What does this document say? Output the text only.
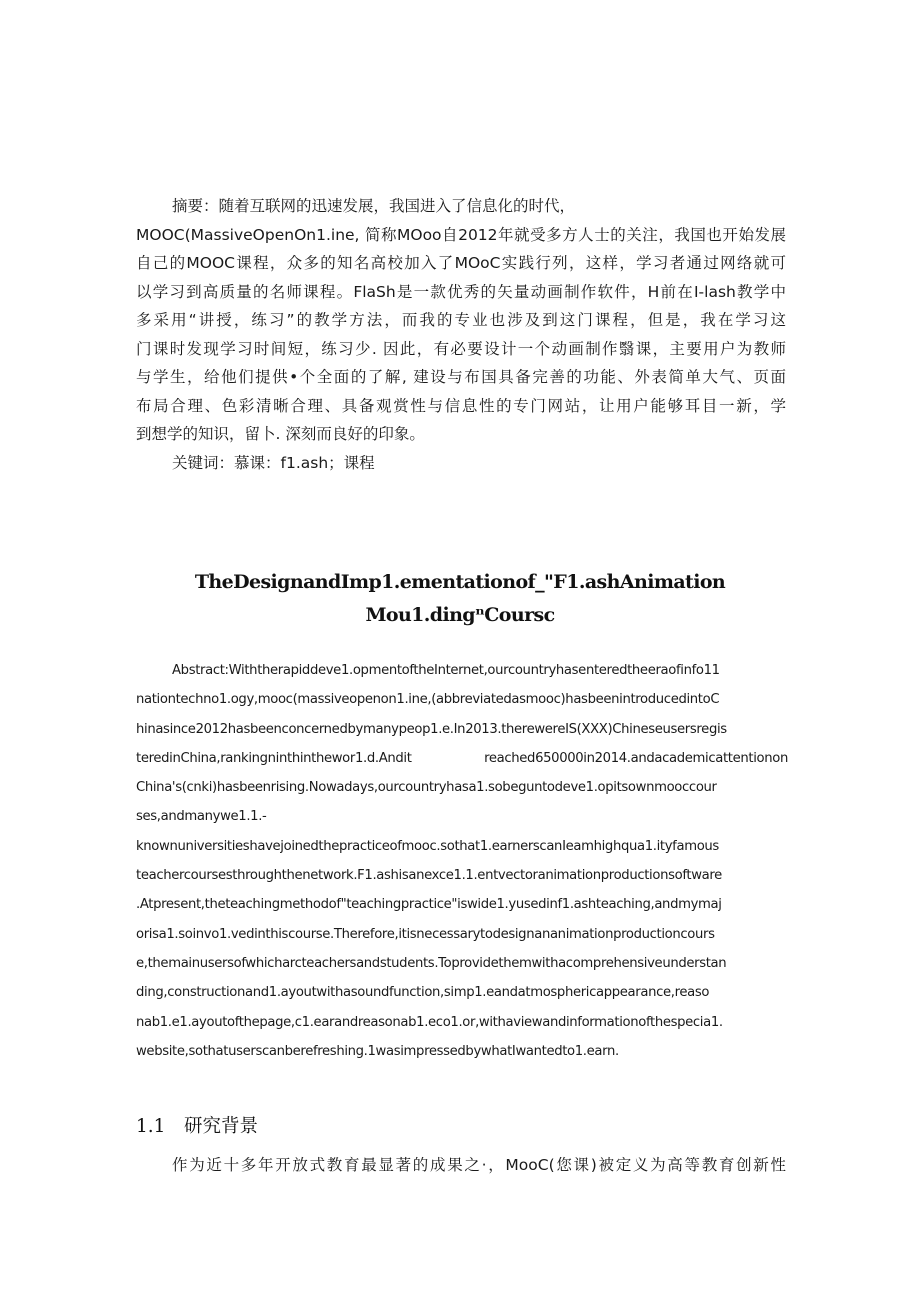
摘要：随着互联网的迅速发展，我国进入了信息化的时代，
MOOC(MassiveOpenOn1.ine, 简称MOoo自2012年就受多方人士的关注，我国也开始发展
自己的MOOC课程，众多的知名高校加入了MOoC实践行列，这样，学习者通过网络就可
以学习到高质量的名师课程。FlaSh是一款优秀的矢量动画制作软件，H前在I-lash教学中
多采用“讲授，练习”的教学方法，而我的专业也涉及到这门课程，但是，我在学习这
门课时发现学习时间短，练习少. 因此，有必要设计一个动画制作翳课，主要用户为教师
与学生，给他们提供•个全面的了解, 建设与布国具备完善的功能、外表简单大气、页面
布局合理、色彩清晰合理、具备观赏性与信息性的专门网站，让用户能够耳目一新，学
到想学的知识，留卜. 深刻而良好的印象。
关键词：慕课：f1.ash；课程
TheDesignandImp1.ementationof_"F1.ashAnimation
Mou1.dingⁿCoursc
Abstract:Withtherapiddeve1.opmentoftheInternet,ourcountryhasenteredtheeraofinfo11
nationtechno1.ogy,mooc(massiveopenon1.ine,(abbreviatedasmooc)hasbeenintroducedintoC
hinasince2012hasbeenconcernedbymanypeop1.e.In2013.therewereIS(XXX)Chineseusersregis
teredinChina,rankingninthinthewor1.d.Andit reached650000in2014.andacademicattentionon
China's(cnki)hasbeenrising.Nowadays,ourcountryhasa1.sobeguntodeve1.opitsownmooccour
ses,andmanywe1.1.-
knownuniversitieshavejoinedthepracticeofmooc.sothat1.earnerscanIeamhighqua1.ityfamous
teachercoursesthroughthenetwork.F1.ashisanexce1.1.entvectoranimationproductionsoftware
.Atpresent,theteachingmethodof"teachingpractice"iswide1.yusedinf1.ashteaching,andmymaj
orisa1.soinvo1.vedinthiscourse.Therefore,itisnecessarytodesignananimationproductioncours
e,themainusersofwhicharcteachersandstudents.Toprovidethemwithacomprehensiveunderstan
ding,constructionand1.ayoutwithasoundfunction,simp1.eandatmosphericappearance,reaso
nab1.e1.ayoutofthepage,c1.earandreasonab1.eco1.or,withaviewandinformationofthespecia1.
website,sothatuserscanberefreshing.1wasimpressedbywhatIwantedto1.earn.
1.1 研究背景
作为近十多年开放式教育最显著的成果之·，MooC(您课)被定义为高等教育创新性
